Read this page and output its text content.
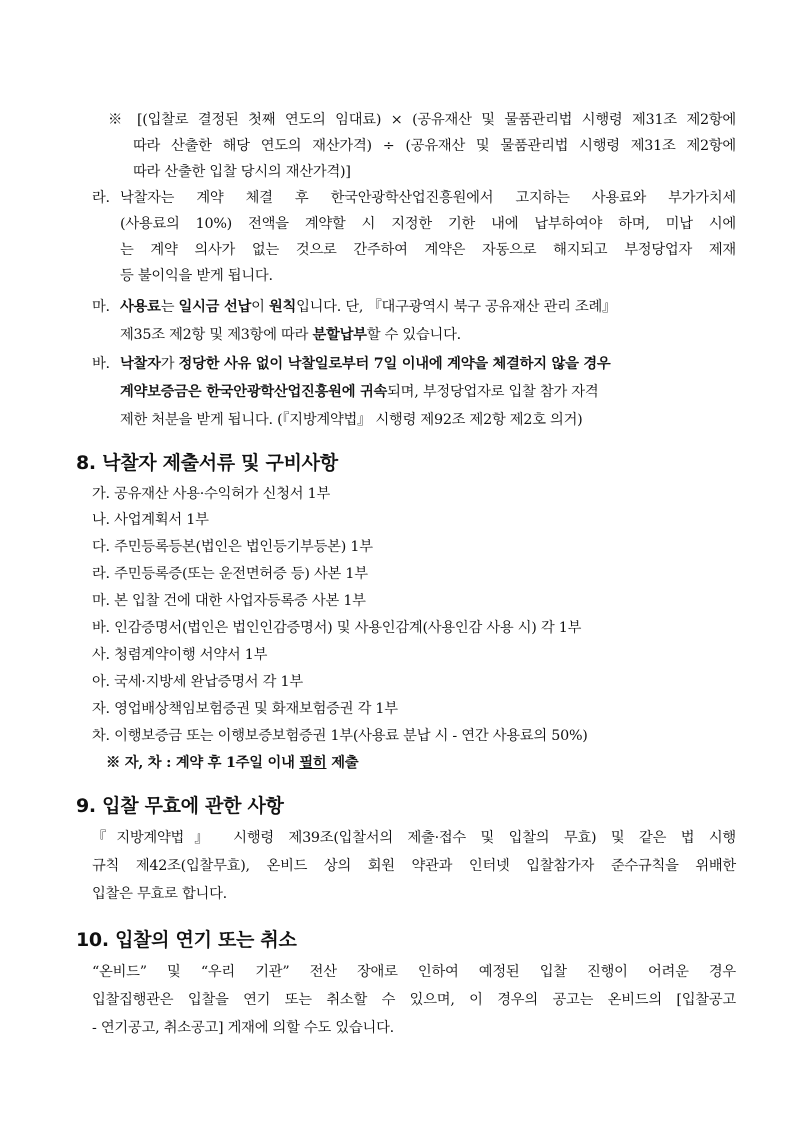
※ [(입찰로 결정된 첫째 연도의 임대료) × (공유재산 및 물품관리법 시행령 제31조 제2항에
따라 산출한 해당 연도의 재산가격) ÷ (공유재산 및 물품관리법 시행령 제31조 제2항에
따라 산출한 입찰 당시의 재산가격)]
라. 낙찰자는 계약 체결 후 한국안광학산업진흥원에서 고지하는 사용료와 부가가치세
(사용료의 10%) 전액을 계약할 시 지정한 기한 내에 납부하여야 하며, 미납 시에
는 계약 의사가 없는 것으로 간주하여 계약은 자동으로 해지되고 부정당업자 제재
등 불이익을 받게 됩니다.
마. 사용료는 일시금 선납이 원칙입니다. 단, 『대구광역시 북구 공유재산 관리 조례』
제35조 제2항 및 제3항에 따라 분할납부할 수 있습니다.
바. 낙찰자가 정당한 사유 없이 낙찰일로부터 7일 이내에 계약을 체결하지 않을 경우
계약보증금은 한국안광학산업진흥원에 귀속되며, 부정당업자로 입찰 참가 자격
제한 처분을 받게 됩니다. (『지방계약법』 시행령 제92조 제2항 제2호 의거)
8. 낙찰자 제출서류 및 구비사항
가. 공유재산 사용·수익허가 신청서 1부
나. 사업계획서 1부
다. 주민등록등본(법인은 법인등기부등본) 1부
라. 주민등록증(또는 운전면허증 등) 사본 1부
마. 본 입찰 건에 대한 사업자등록증 사본 1부
바. 인감증명서(법인은 법인인감증명서) 및 사용인감계(사용인감 사용 시) 각 1부
사. 청렴계약이행 서약서 1부
아. 국세·지방세 완납증명서 각 1부
자. 영업배상책임보험증권 및 화재보험증권 각 1부
차. 이행보증금 또는 이행보증보험증권 1부(사용료 분납 시 - 연간 사용료의 50%)
※ 자, 차 : 계약 후 1주일 이내 필히 제출
9. 입찰 무효에 관한 사항
『지방계약법』 시행령 제39조(입찰서의 제출·접수 및 입찰의 무효) 및 같은 법 시행
규칙 제42조(입찰무효), 온비드 상의 회원 약관과 인터넷 입찰참가자 준수규칙을 위배한
입찰은 무효로 합니다.
10. 입찰의 연기 또는 취소
“온비드” 및 “우리 기관” 전산 장애로 인하여 예정된 입찰 진행이 어려운 경우
입찰집행관은 입찰을 연기 또는 취소할 수 있으며, 이 경우의 공고는 온비드의 [입찰공고
- 연기공고, 취소공고] 게재에 의할 수도 있습니다.
